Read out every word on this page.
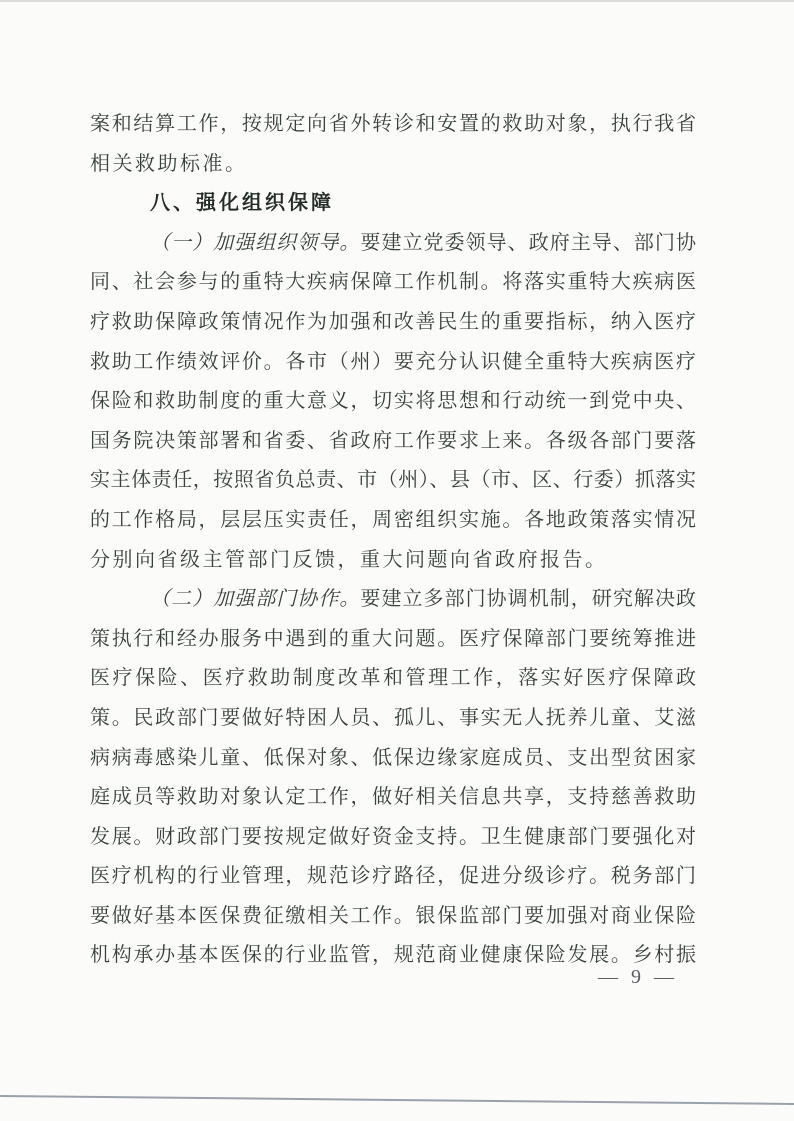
案和结算工作，按规定向省外转诊和安置的救助对象，执行我省
相关救助标准。
八、强化组织保障
（一）加强组织领导。要建立党委领导、政府主导、部门协
同、社会参与的重特大疾病保障工作机制。将落实重特大疾病医
疗救助保障政策情况作为加强和改善民生的重要指标，纳入医疗
救助工作绩效评价。各市（州）要充分认识健全重特大疾病医疗
保险和救助制度的重大意义，切实将思想和行动统一到党中央、
国务院决策部署和省委、省政府工作要求上来。各级各部门要落
实主体责任，按照省负总责、市（州）、县（市、区、行委）抓落实
的工作格局，层层压实责任，周密组织实施。各地政策落实情况
分别向省级主管部门反馈，重大问题向省政府报告。
（二）加强部门协作。要建立多部门协调机制，研究解决政
策执行和经办服务中遇到的重大问题。医疗保障部门要统筹推进
医疗保险、医疗救助制度改革和管理工作，落实好医疗保障政
策。民政部门要做好特困人员、孤儿、事实无人抚养儿童、艾滋
病病毒感染儿童、低保对象、低保边缘家庭成员、支出型贫困家
庭成员等救助对象认定工作，做好相关信息共享，支持慈善救助
发展。财政部门要按规定做好资金支持。卫生健康部门要强化对
医疗机构的行业管理，规范诊疗路径，促进分级诊疗。税务部门
要做好基本医保费征缴相关工作。银保监部门要加强对商业保险
机构承办基本医保的行业监管，规范商业健康保险发展。乡村振
— 9 —
